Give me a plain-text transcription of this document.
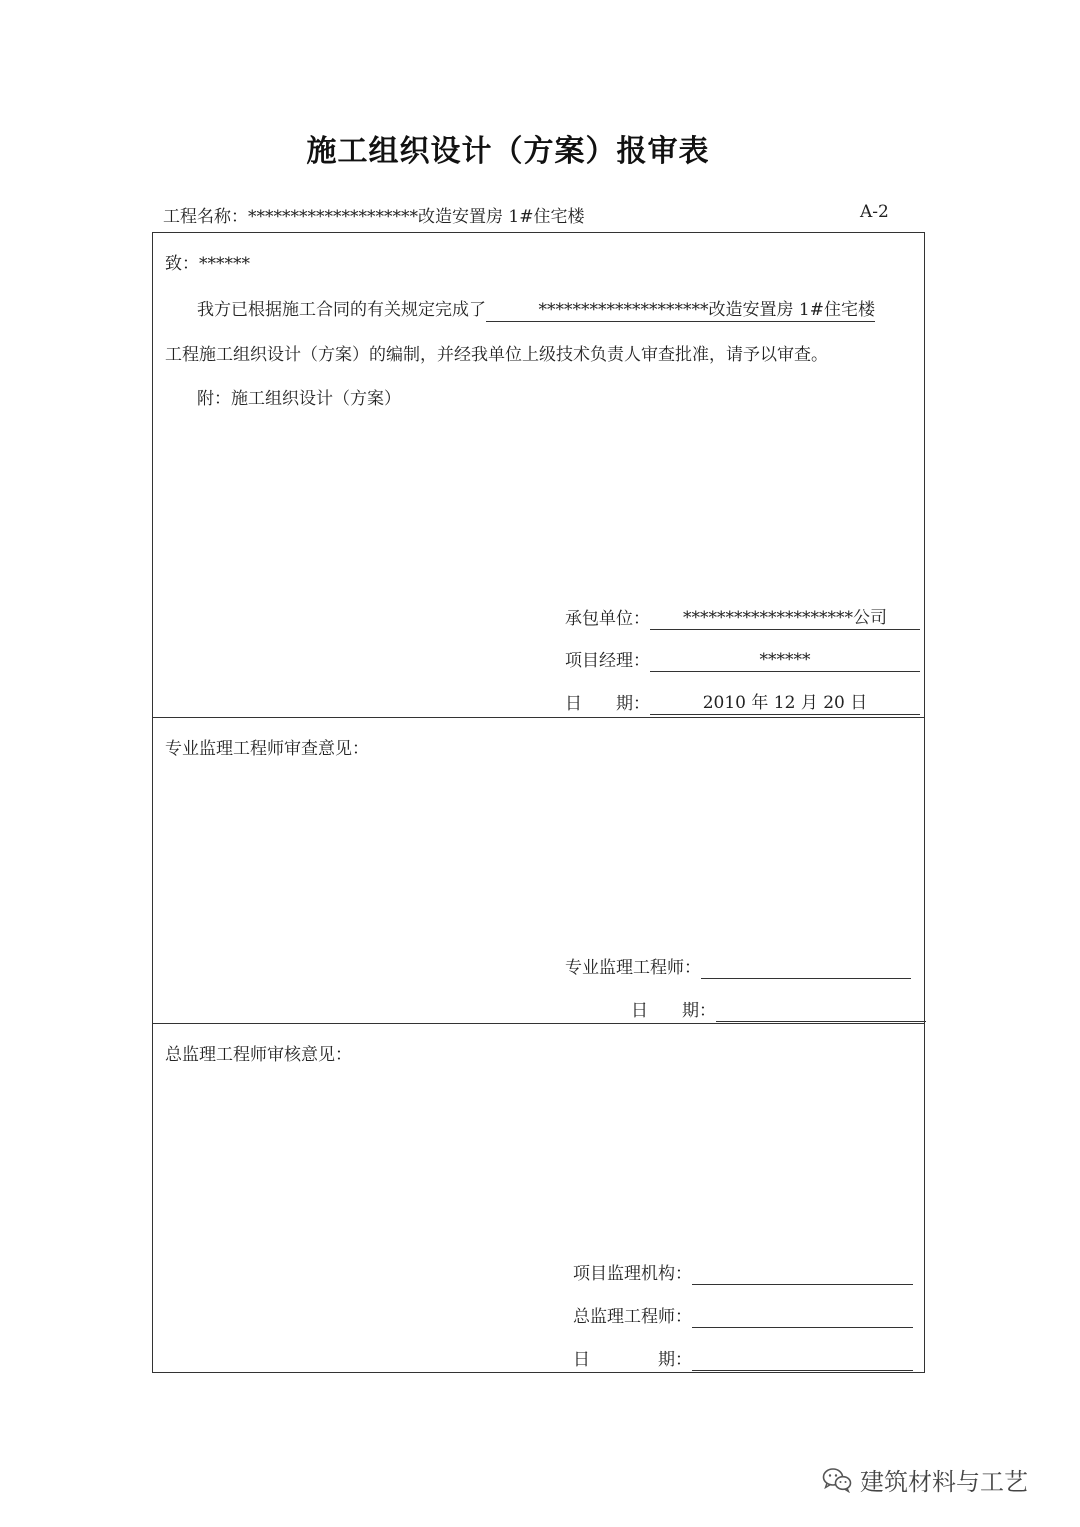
施工组织设计（方案）报审表
工程名称：********************改造安置房 1#住宅楼	A-2
致：******
我方已根据施工合同的有关规定完成了	********************改造安置房 1#住宅楼
工程施工组织设计（方案）的编制，并经我单位上级技术负责人审查批准，请予以审查。
附：施工组织设计（方案）
承包单位：	********************公司
项目经理：	******
日　　期：	2010 年 12 月 20 日
专业监理工程师审查意见：
专业监理工程师：
日　　期：
总监理工程师审核意见：
项目监理机构：
总监理工程师：
日　　　　期：
建筑材料与工艺
